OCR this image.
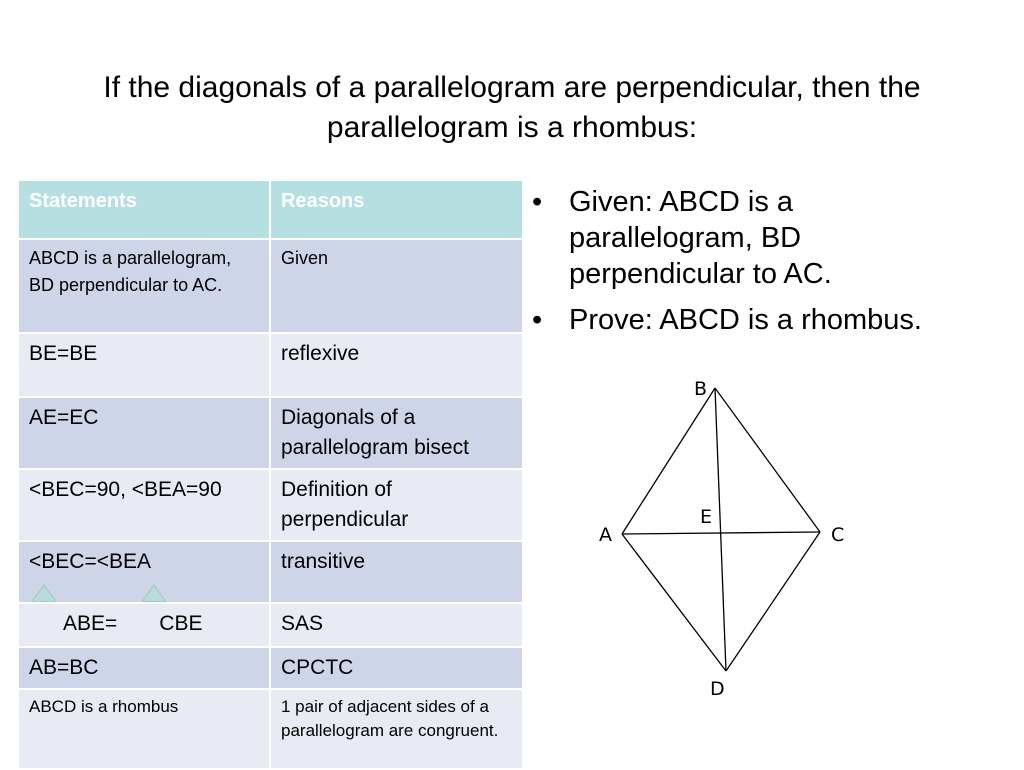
If the diagonals of a parallelogram are perpendicular, then the parallelogram is a rhombus:
Statements	Reasons
ABCD is a parallelogram, BD perpendicular to AC.	Given
BE=BE	reflexive
AE=EC	Diagonals of a parallelogram bisect
<BEC=90, <BEA=90	Definition of perpendicular
<BEC=<BEA	transitive
ABE= CBE	SAS
AB=BC	CPCTC
ABCD is a rhombus	1 pair of adjacent sides of a parallelogram are congruent.
• Given: ABCD is a parallelogram, BD perpendicular to AC.
• Prove: ABCD is a rhombus.
B
A	C
E
D
